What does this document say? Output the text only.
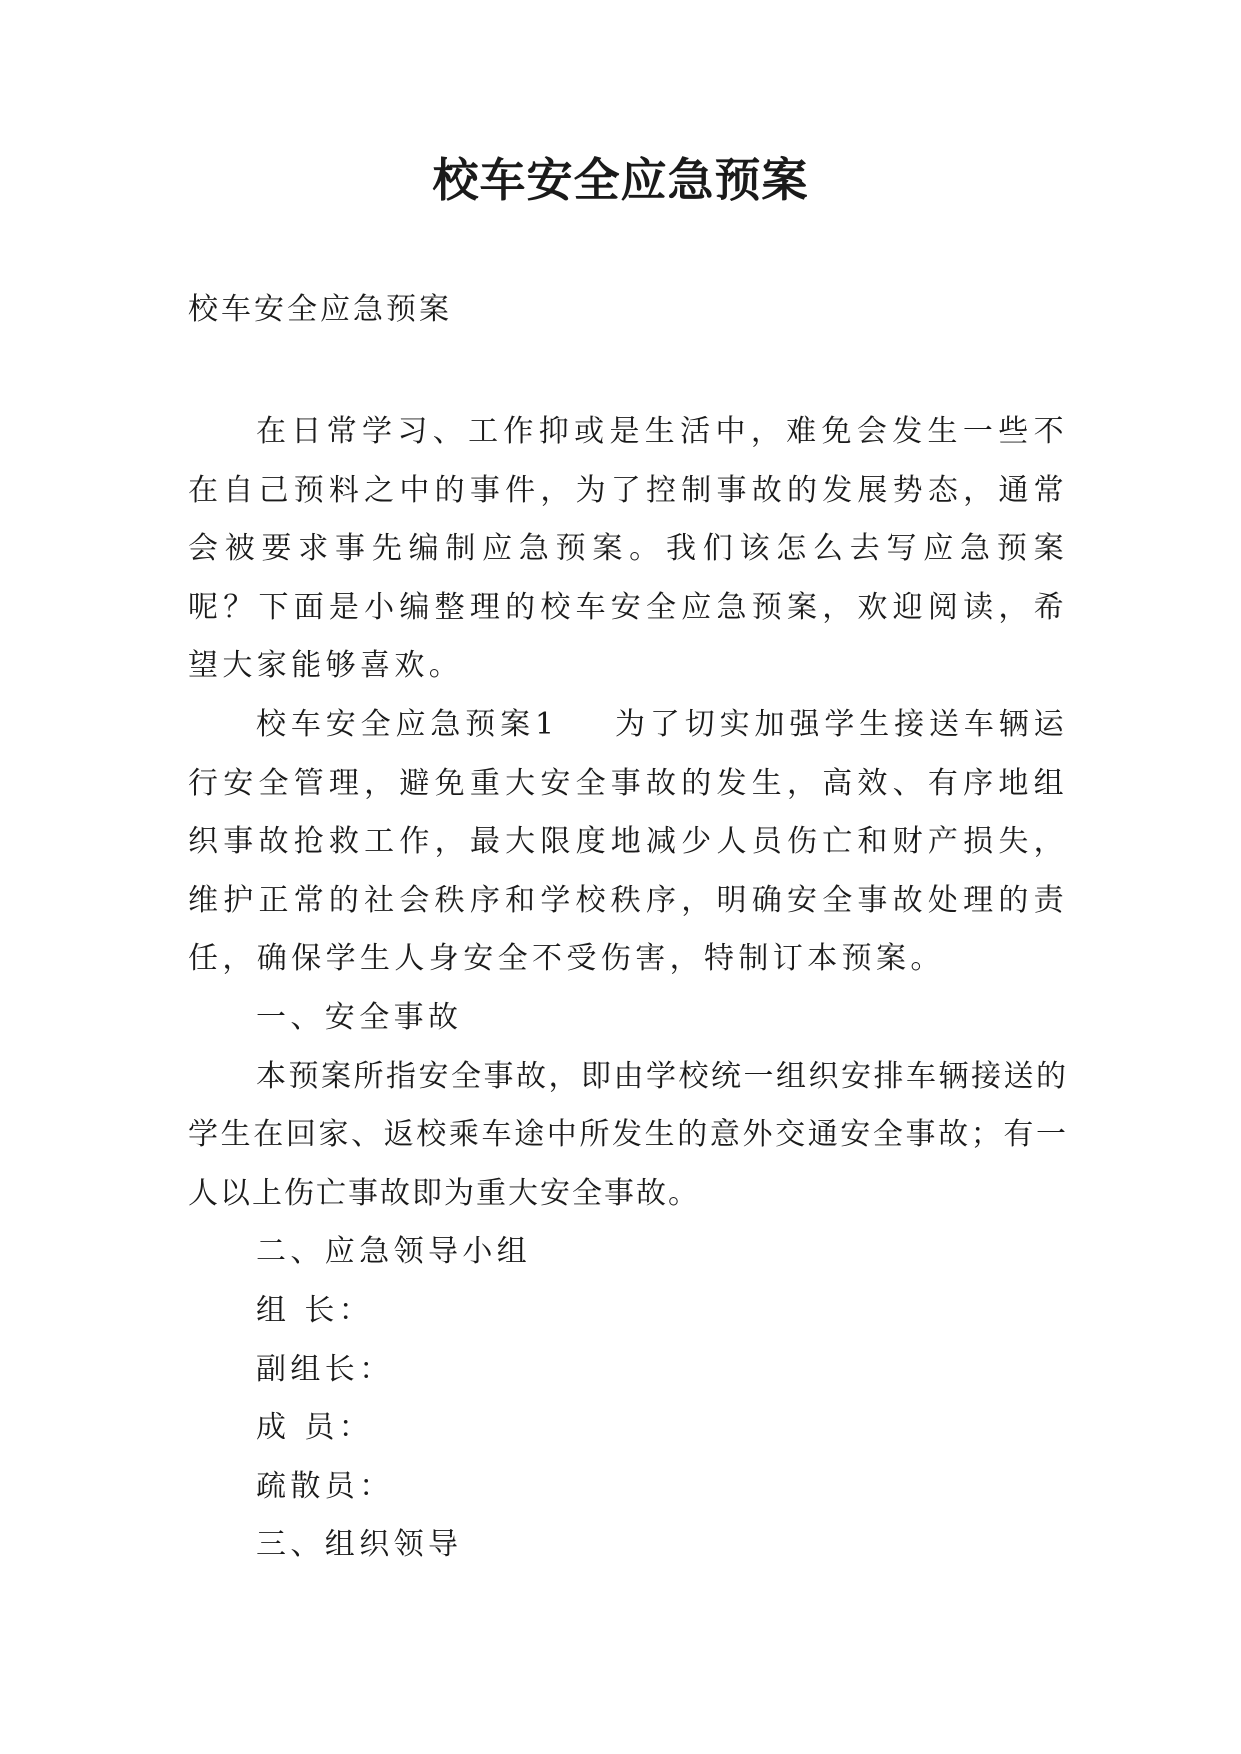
校车安全应急预案

校车安全应急预案

在日常学习、工作抑或是生活中，难免会发生一些不在自己预料之中的事件，为了控制事故的发展势态，通常会被要求事先编制应急预案。我们该怎么去写应急预案呢？下面是小编整理的校车安全应急预案，欢迎阅读，希望大家能够喜欢。

校车安全应急预案1 为了切实加强学生接送车辆运行安全管理，避免重大安全事故的发生，高效、有序地组织事故抢救工作，最大限度地减少人员伤亡和财产损失，维护正常的社会秩序和学校秩序，明确安全事故处理的责任，确保学生人身安全不受伤害，特制订本预案。

一、安全事故

本预案所指安全事故，即由学校统一组织安排车辆接送的学生在回家、返校乘车途中所发生的意外交通安全事故；有一人以上伤亡事故即为重大安全事故。

二、应急领导小组

组 长：

副组长：

成 员：

疏散员：

三、组织领导
